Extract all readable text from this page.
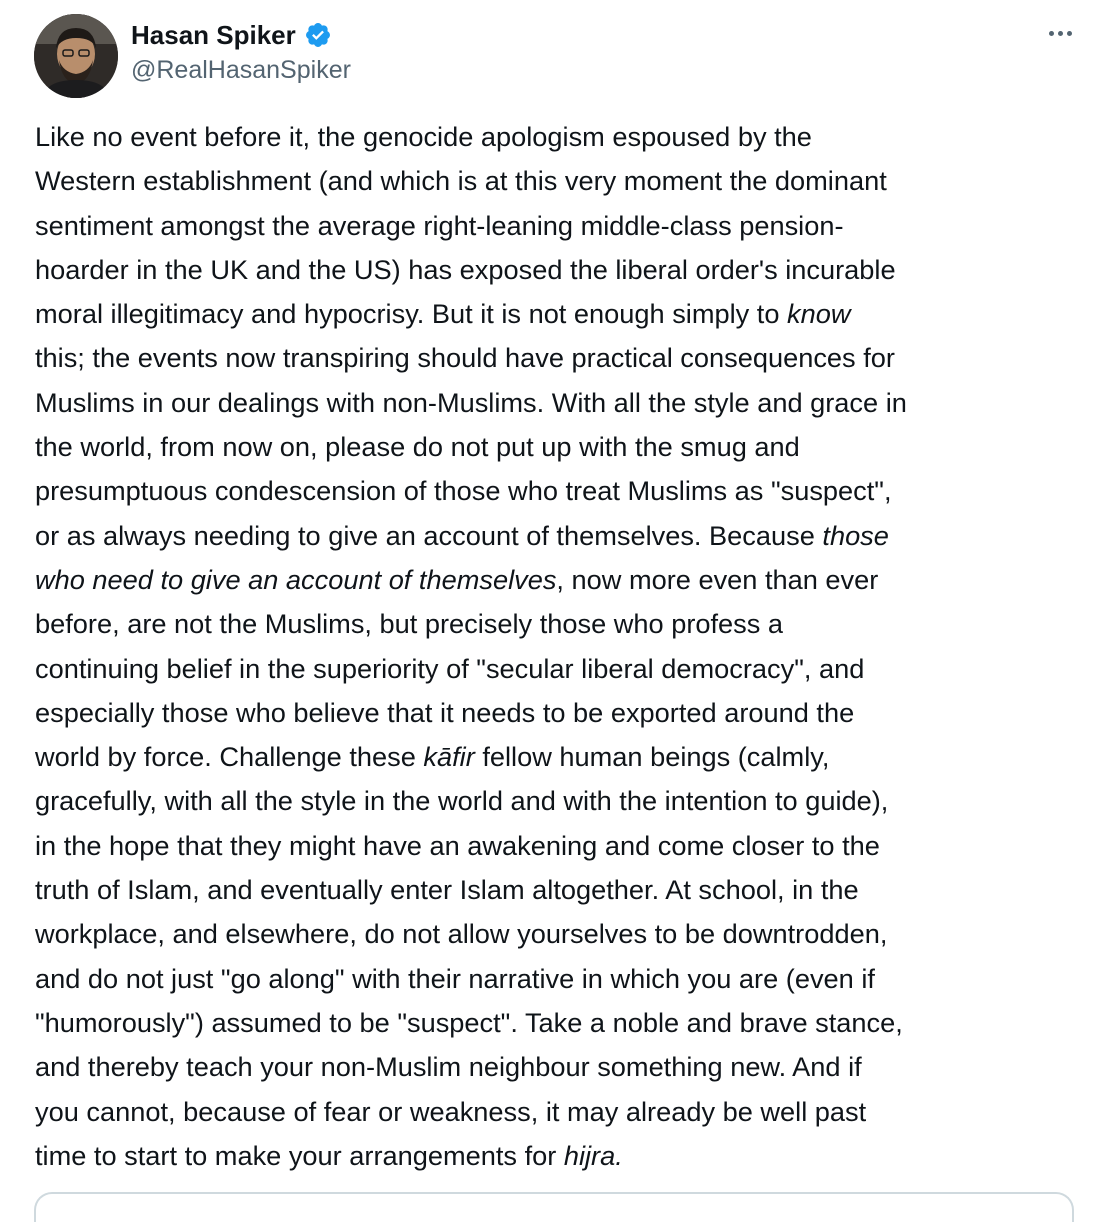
Hasan Spiker
@RealHasanSpiker
Like no event before it, the genocide apologism espoused by the
Western establishment (and which is at this very moment the dominant
sentiment amongst the average right-leaning middle-class pension-
hoarder in the UK and the US) has exposed the liberal order's incurable
moral illegitimacy and hypocrisy. But it is not enough simply to know
this; the events now transpiring should have practical consequences for
Muslims in our dealings with non-Muslims. With all the style and grace in
the world, from now on, please do not put up with the smug and
presumptuous condescension of those who treat Muslims as "suspect",
or as always needing to give an account of themselves. Because those
who need to give an account of themselves, now more even than ever
before, are not the Muslims, but precisely those who profess a
continuing belief in the superiority of "secular liberal democracy", and
especially those who believe that it needs to be exported around the
world by force. Challenge these kāfir fellow human beings (calmly,
gracefully, with all the style in the world and with the intention to guide),
in the hope that they might have an awakening and come closer to the
truth of Islam, and eventually enter Islam altogether. At school, in the
workplace, and elsewhere, do not allow yourselves to be downtrodden,
and do not just "go along" with their narrative in which you are (even if
"humorously") assumed to be "suspect". Take a noble and brave stance,
and thereby teach your non-Muslim neighbour something new. And if
you cannot, because of fear or weakness, it may already be well past
time to start to make your arrangements for hijra.
